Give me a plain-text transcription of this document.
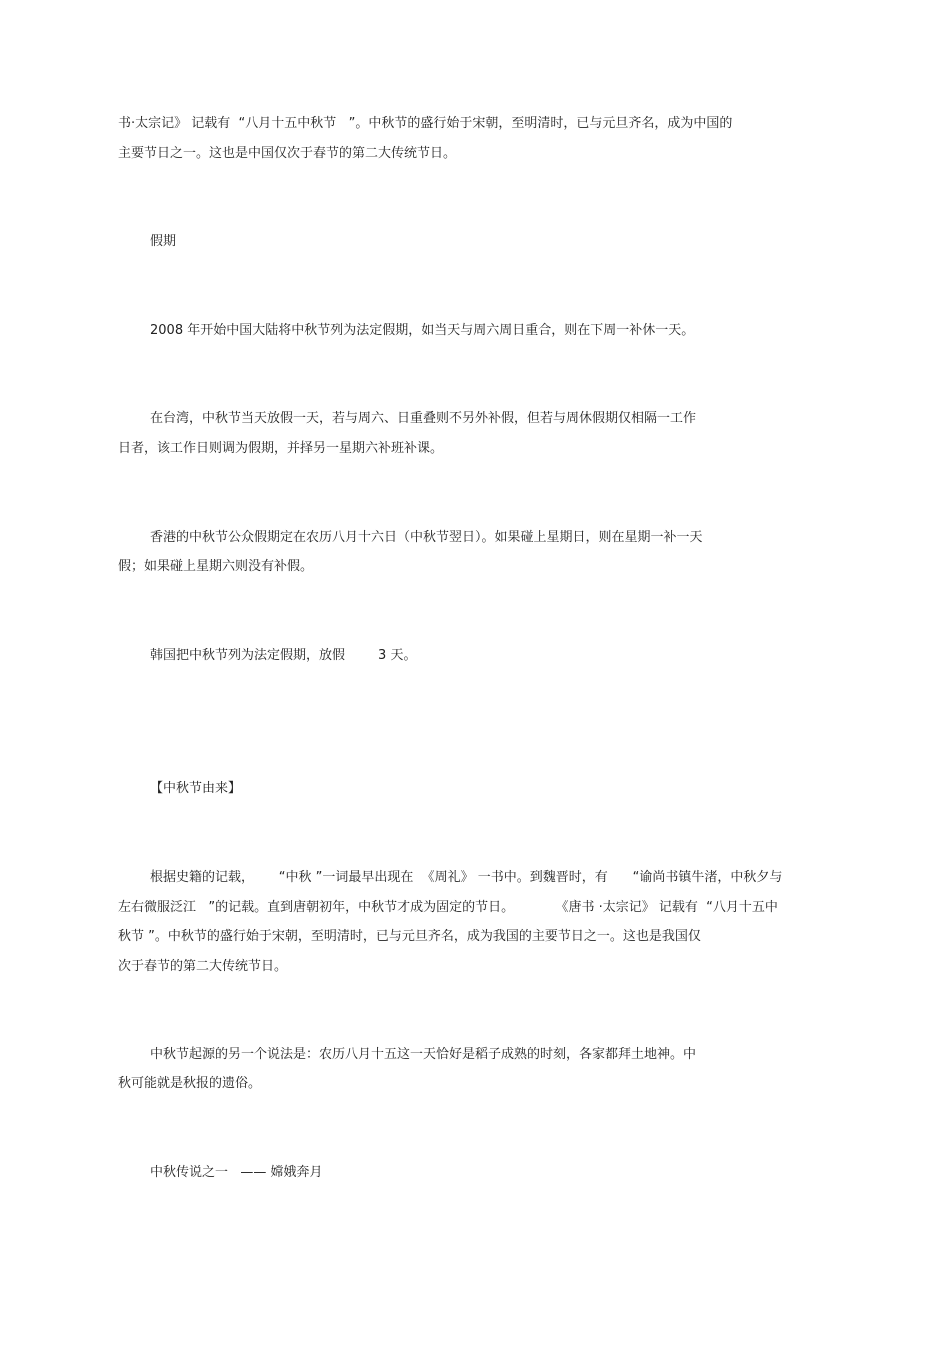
书·太宗记》 记载有  “八月十五中秋节   ”。中秋节的盛行始于宋朝，至明清时，已与元旦齐名，成为中国的

主要节日之一。这也是中国仅次于春节的第二大传统节日。

假期

2008 年开始中国大陆将中秋节列为法定假期，如当天与周六周日重合，则在下周一补休一天。

在台湾，中秋节当天放假一天，若与周六、日重叠则不另外补假，但若与周休假期仅相隔一工作

日者，该工作日则调为假期，并择另一星期六补班补课。

香港的中秋节公众假期定在农历八月十六日（中秋节翌日）。如果碰上星期日，则在星期一补一天

假；如果碰上星期六则没有补假。

韩国把中秋节列为法定假期，放假        3 天。

【中秋节由来】

根据史籍的记载，      “中秋 ”一词最早出现在  《周礼》 一书中。到魏晋时，有      “谕尚书镇牛渚，中秋夕与

左右微服泛江   ”的记载。直到唐朝初年，中秋节才成为固定的节日。          《唐书 ·太宗记》 记载有  “八月十五中

秋节 ”。中秋节的盛行始于宋朝，至明清时，已与元旦齐名，成为我国的主要节日之一。这也是我国仅

次于春节的第二大传统节日。

中秋节起源的另一个说法是：农历八月十五这一天恰好是稻子成熟的时刻，各家都拜土地神。中

秋可能就是秋报的遗俗。

中秋传说之一   —— 嫦娥奔月
